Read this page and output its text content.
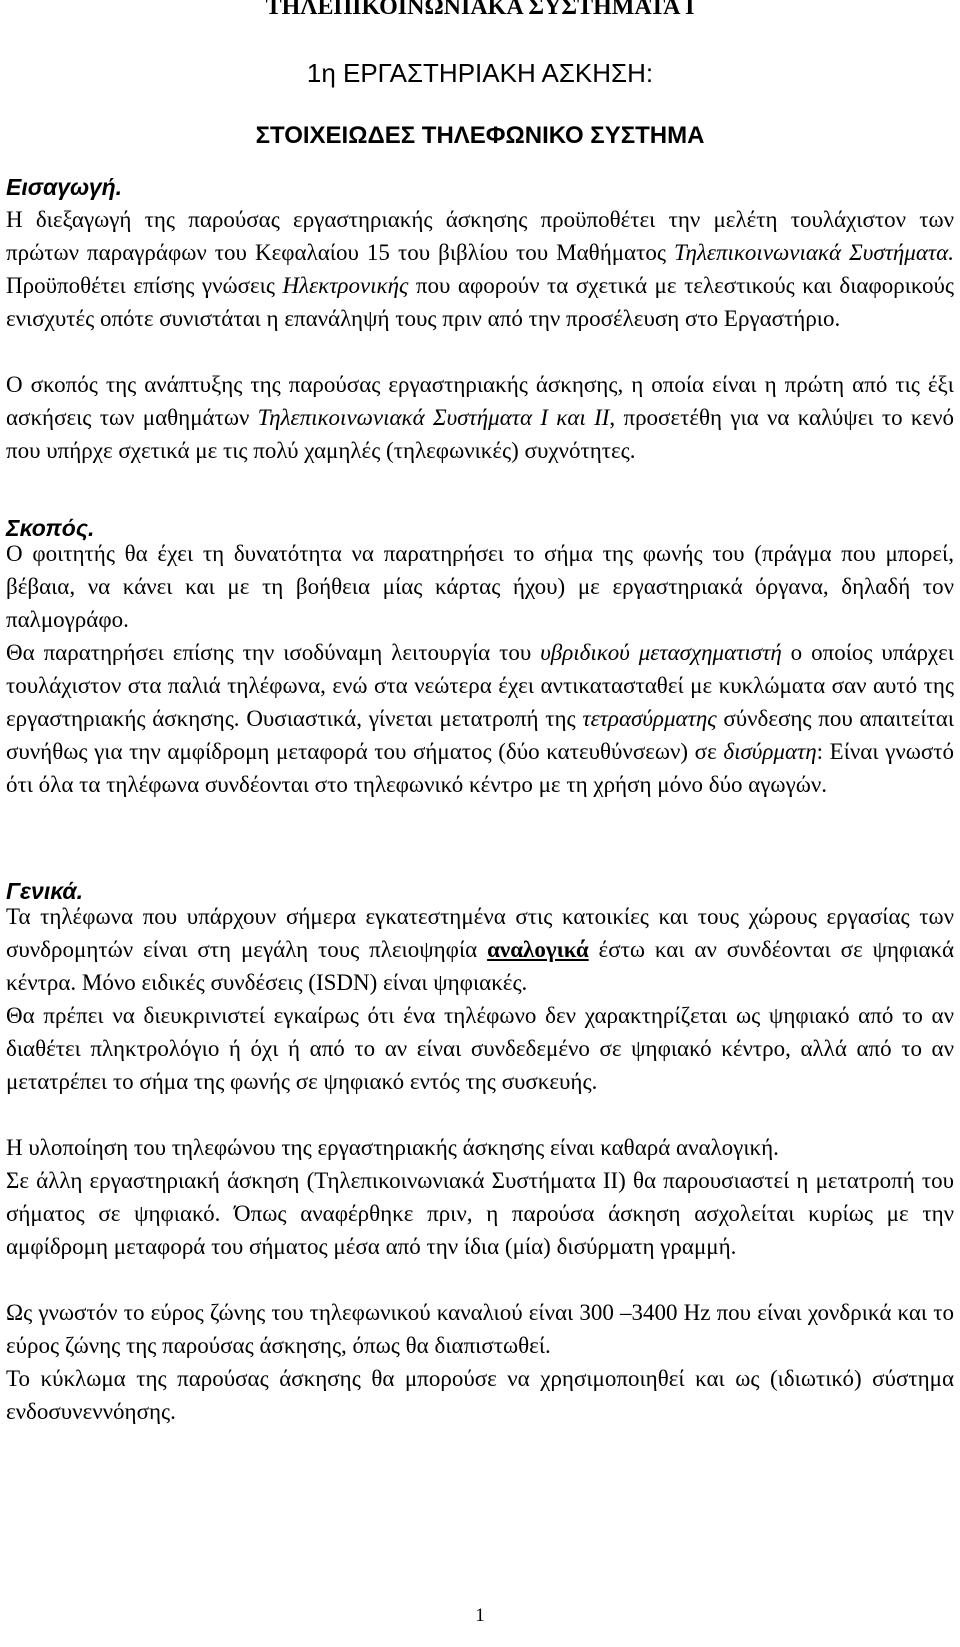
ΤΗΛΕΠΙΚΟΙΝΩΝΙΑΚΑ ΣΥΣΤΗΜΑΤΑ Ι
1η ΕΡΓΑΣΤΗΡΙΑΚΗ ΑΣΚΗΣΗ:
ΣΤΟΙΧΕΙΩΔΕΣ ΤΗΛΕΦΩΝΙΚΟ ΣΥΣΤΗΜΑ
Εισαγωγή.

Η διεξαγωγή της παρούσας εργαστηριακής άσκησης προϋποθέτει την μελέτη τουλάχιστον των πρώτων παραγράφων του Κεφαλαίου 15 του βιβλίου του Μαθήματος Τηλεπικοινωνιακά Συστήματα. Προϋποθέτει επίσης γνώσεις Ηλεκτρονικής που αφορούν τα σχετικά με τελεστικούς και διαφορικούς ενισχυτές οπότε συνιστάται η επανάληψή τους πριν από την προσέλευση στο Εργαστήριο.

Ο σκοπός της ανάπτυξης της παρούσας εργαστηριακής άσκησης, η οποία είναι η πρώτη από τις έξι ασκήσεις των μαθημάτων Τηλεπικοινωνιακά Συστήματα Ι και ΙΙ, προσετέθη για να καλύψει το κενό που υπήρχε σχετικά με τις πολύ χαμηλές (τηλεφωνικές) συχνότητες.

Σκοπός.

Ο φοιτητής θα έχει τη δυνατότητα να παρατηρήσει το σήμα της φωνής του (πράγμα που μπορεί, βέβαια, να κάνει και με τη βοήθεια μίας κάρτας ήχου) με εργαστηριακά όργανα, δηλαδή τον παλμογράφο.

Θα παρατηρήσει επίσης την ισοδύναμη λειτουργία του υβριδικού μετασχηματιστή ο οποίος υπάρχει τουλάχιστον στα παλιά τηλέφωνα, ενώ στα νεώτερα έχει αντικατασταθεί με κυκλώματα σαν αυτό της εργαστηριακής άσκησης. Ουσιαστικά, γίνεται μετατροπή της τετρασύρματης σύνδεσης που απαιτείται συνήθως για την αμφίδρομη μεταφορά του σήματος (δύο κατευθύνσεων) σε δισύρματη: Είναι γνωστό ότι όλα τα τηλέφωνα συνδέονται στο τηλεφωνικό κέντρο με τη χρήση μόνο δύο αγωγών.

Γενικά.

Τα τηλέφωνα που υπάρχουν σήμερα εγκατεστημένα στις κατοικίες και τους χώρους εργασίας των συνδρομητών είναι στη μεγάλη τους πλειοψηφία αναλογικά έστω και αν συνδέονται σε ψηφιακά κέντρα. Μόνο ειδικές συνδέσεις (ISDN) είναι ψηφιακές.

Θα πρέπει να διευκρινιστεί εγκαίρως ότι ένα τηλέφωνο δεν χαρακτηρίζεται ως ψηφιακό από το αν διαθέτει πληκτρολόγιο ή όχι ή από το αν είναι συνδεδεμένο σε ψηφιακό κέντρο, αλλά από το αν μετατρέπει το σήμα της φωνής σε ψηφιακό εντός της συσκευής.

Η υλοποίηση του τηλεφώνου της εργαστηριακής άσκησης είναι καθαρά αναλογική.

Σε άλλη εργαστηριακή άσκηση (Τηλεπικοινωνιακά Συστήματα ΙΙ) θα παρουσιαστεί η μετατροπή του σήματος σε ψηφιακό. Όπως αναφέρθηκε πριν, η παρούσα άσκηση ασχολείται κυρίως με την αμφίδρομη μεταφορά του σήματος μέσα από την ίδια (μία) δισύρματη γραμμή.

Ως γνωστόν το εύρος ζώνης του τηλεφωνικού καναλιού είναι 300 –3400 Hz που είναι χονδρικά και το εύρος ζώνης της παρούσας άσκησης, όπως θα διαπιστωθεί.

Το κύκλωμα της παρούσας άσκησης θα μπορούσε να χρησιμοποιηθεί και ως (ιδιωτικό) σύστημα ενδοσυνεννόησης.

1
